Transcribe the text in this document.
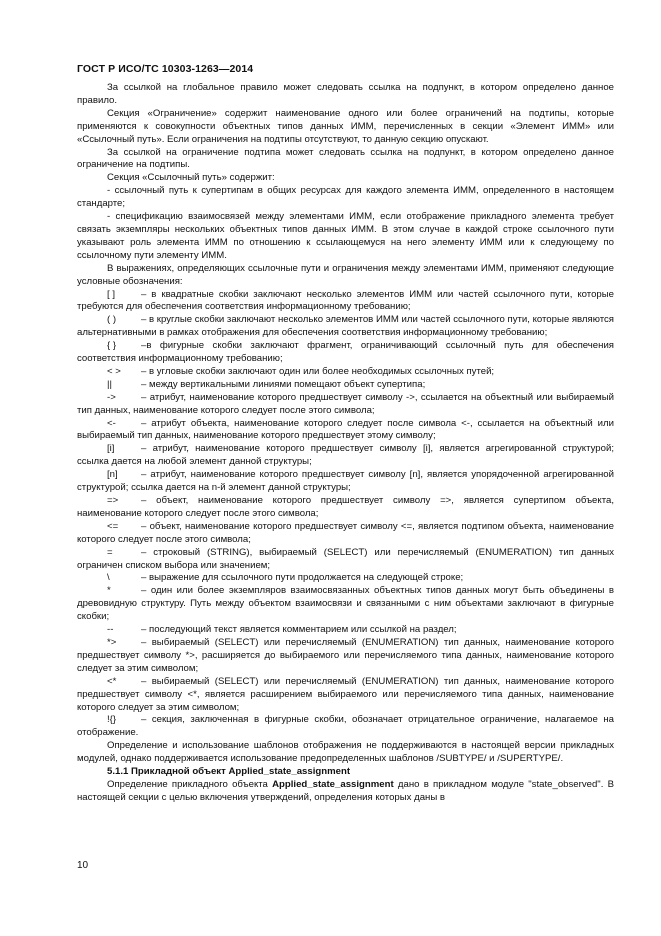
ГОСТ Р ИСО/ТС 10303-1263—2014

За ссылкой на глобальное правило может следовать ссылка на подпункт, в котором определено данное правило.

Секция «Ограничение» содержит наименование одного или более ограничений на подтипы, которые применяются к совокупности объектных типов данных ИММ, перечисленных в секции «Элемент ИММ» или «Ссылочный путь». Если ограничения на подтипы отсутствуют, то данную секцию опускают.

За ссылкой на ограничение подтипа может следовать ссылка на подпункт, в котором определено данное ограничение на подтипы.

Секция «Ссылочный путь» содержит:

- ссылочный путь к супертипам в общих ресурсах для каждого элемента ИММ, определенного в настоящем стандарте;

- спецификацию взаимосвязей между элементами ИММ, если отображение прикладного элемента требует связать экземпляры нескольких объектных типов данных ИММ. В этом случае в каждой строке ссылочного пути указывают роль элемента ИММ по отношению к ссылающемуся на него элементу ИММ или к следующему по ссылочному пути элементу ИММ.

В выражениях, определяющих ссылочные пути и ограничения между элементами ИММ, применяют следующие условные обозначения:

[ ]	– в квадратные скобки заключают несколько элементов ИММ или частей ссылочного пути, которые требуются для обеспечения соответствия информационному требованию;

( )	– в круглые скобки заключают несколько элементов ИММ или частей ссылочного пути, которые являются альтернативными в рамках отображения для обеспечения соответствия информационному требованию;

{ }	–в фигурные скобки заключают фрагмент, ограничивающий ссылочный путь для обеспечения соответствия информационному требованию;

< > – в угловые скобки заключают один или более необходимых ссылочных путей;

||	– между вертикальными линиями помещают объект супертипа;

->	– атрибут, наименование которого предшествует символу ->, ссылается на объектный или выбираемый тип данных, наименование которого следует после этого символа;

<-	– атрибут объекта, наименование которого следует после символа <-, ссылается на объектный или выбираемый тип данных, наименование которого предшествует этому символу;

[i]	– атрибут, наименование которого предшествует символу [i], является агрегированной структурой; ссылка дается на любой элемент данной структуры;

[n] – атрибут, наименование которого предшествует символу [n], является упорядоченной агрегированной структурой; ссылка дается на n-й элемент данной структуры;

=> – объект, наименование которого предшествует символу =>, является супертипом объекта, наименование которого следует после этого символа;

<= – объект, наименование которого предшествует символу <=, является подтипом объекта, наименование которого следует после этого символа;

=	– строковый (STRING), выбираемый (SELECT) или перечисляемый (ENUMERATION) тип данных ограничен списком выбора или значением;

\	– выражение для ссылочного пути продолжается на следующей строке;

*	– один или более экземпляров взаимосвязанных объектных типов данных могут быть объединены в древовидную структуру. Путь между объектом взаимосвязи и связанными с ним объектами заключают в фигурные скобки;

--	– последующий текст является комментарием или ссылкой на раздел;

*>	– выбираемый (SELECT) или перечисляемый (ENUMERATION) тип данных, наименование которого предшествует символу *>, расширяется до выбираемого или перечисляемого типа данных, наименование которого следует за этим символом;

<*	– выбираемый (SELECT) или перечисляемый (ENUMERATION) тип данных, наименование которого предшествует символу <*, является расширением выбираемого или перечисляемого типа данных, наименование которого следует за этим символом;

!{}	– секция, заключенная в фигурные скобки, обозначает отрицательное ограничение, налагаемое на отображение.

Определение и использование шаблонов отображения не поддерживаются в настоящей версии прикладных модулей, однако поддерживается использование предопределенных шаблонов /SUBTYPE/ и /SUPERTYPE/.

5.1.1 Прикладной объект Applied_state_assignment

Определение прикладного объекта Applied_state_assignment дано в прикладном модуле "state_observed". В настоящей секции с целью включения утверждений, определения которых даны в

10
